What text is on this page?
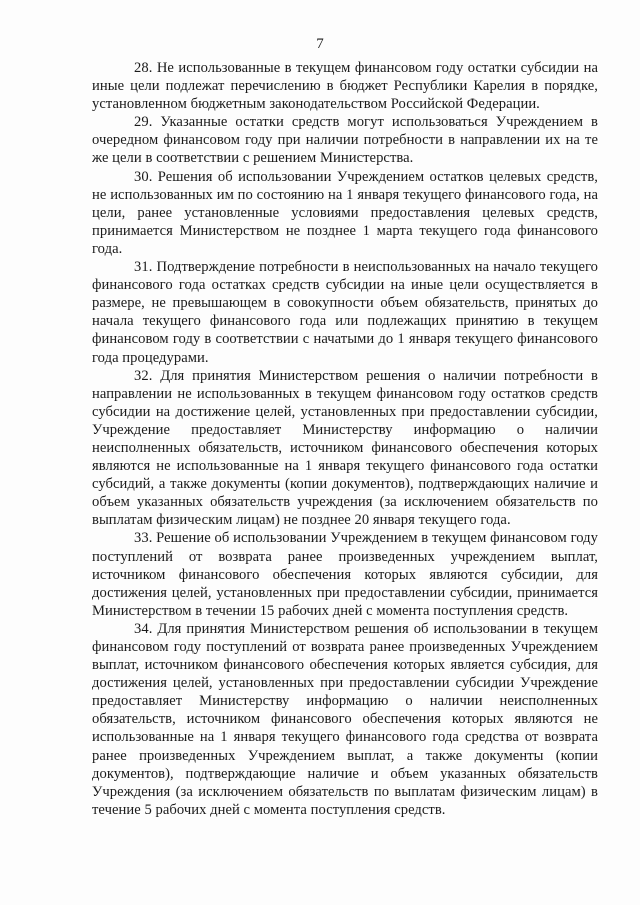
7

28. Не использованные в текущем финансовом году остатки субсидии на иные цели подлежат перечислению в бюджет Республики Карелия в порядке, установленном бюджетным законодательством Российской Федерации.

29. Указанные остатки средств могут использоваться Учреждением в очередном финансовом году при наличии потребности в направлении их на те же цели в соответствии с решением Министерства.

30. Решения об использовании Учреждением остатков целевых средств, не использованных им по состоянию на 1 января текущего финансового года, на цели, ранее установленные условиями предоставления целевых средств, принимается Министерством не позднее 1 марта текущего года финансового года.

31. Подтверждение потребности в неиспользованных на начало текущего финансового года остатках средств субсидии на иные цели осуществляется в размере, не превышающем в совокупности объем обязательств, принятых до начала текущего финансового года или подлежащих принятию в текущем финансовом году в соответствии с начатыми до 1 января текущего финансового года процедурами.

32. Для принятия Министерством решения о наличии потребности в направлении не использованных в текущем финансовом году остатков средств субсидии на достижение целей, установленных при предоставлении субсидии, Учреждение предоставляет Министерству информацию о наличии неисполненных обязательств, источником финансового обеспечения которых являются не использованные на 1 января текущего финансового года остатки субсидий, а также документы (копии документов), подтверждающих наличие и объем указанных обязательств учреждения (за исключением обязательств по выплатам физическим лицам) не позднее 20 января текущего года.

33. Решение об использовании Учреждением в текущем финансовом году поступлений от возврата ранее произведенных учреждением выплат, источником финансового обеспечения которых являются субсидии, для достижения целей, установленных при предоставлении субсидии, принимается Министерством в течении 15 рабочих дней с момента поступления средств.

34. Для принятия Министерством решения об использовании в текущем финансовом году поступлений от возврата ранее произведенных Учреждением выплат, источником финансового обеспечения которых является субсидия, для достижения целей, установленных при предоставлении субсидии Учреждение предоставляет Министерству информацию о наличии неисполненных обязательств, источником финансового обеспечения которых являются не использованные на 1 января текущего финансового года средства от возврата ранее произведенных Учреждением выплат, а также документы (копии документов), подтверждающие наличие и объем указанных обязательств Учреждения (за исключением обязательств по выплатам физическим лицам) в течение 5 рабочих дней с момента поступления средств.
